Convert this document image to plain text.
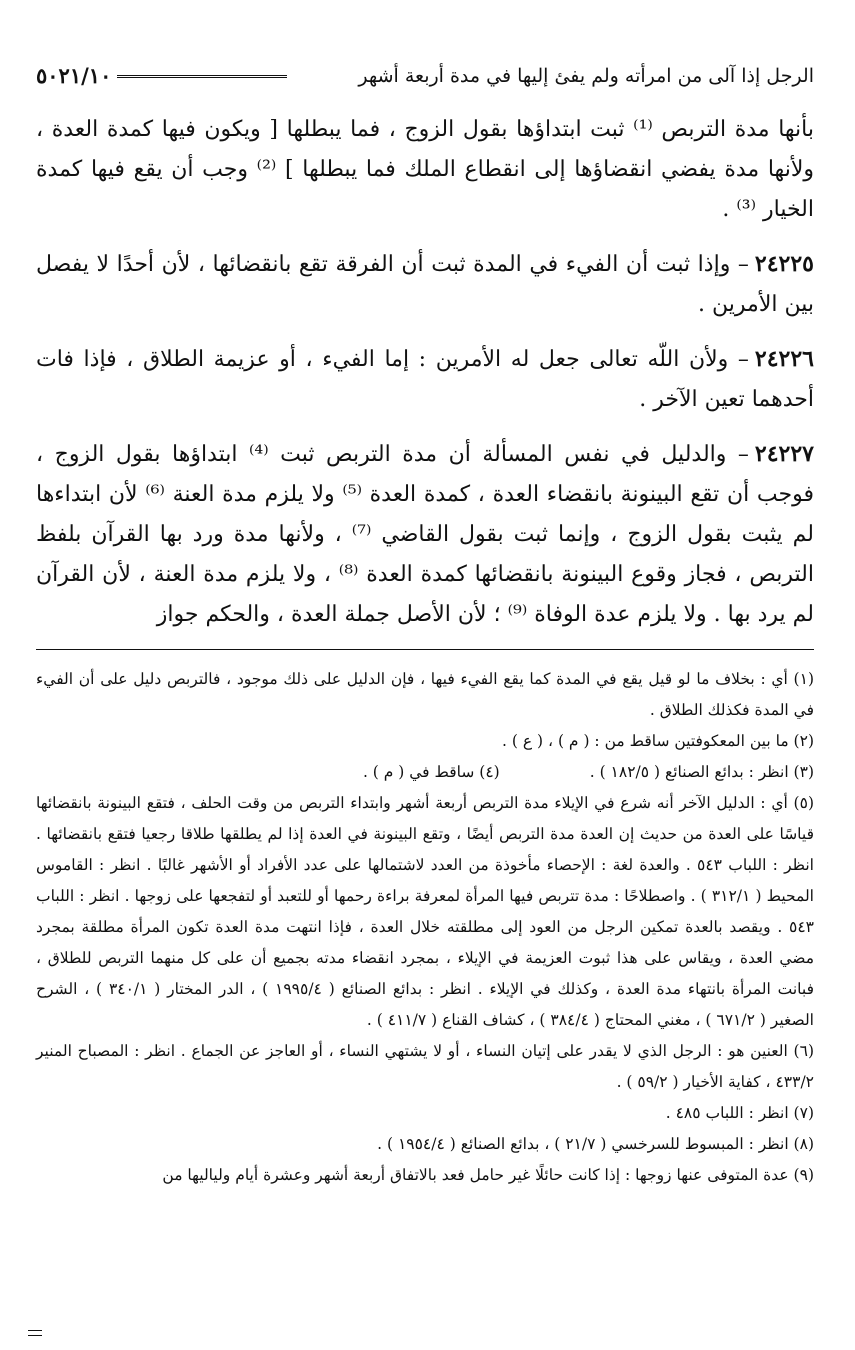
الرجل إذا آلى من امرأته ولم يفئ إليها في مدة أربعة أشهر
٥٠٢١/١٠

بأنها مدة التربص ⁽¹⁾ ثبت ابتداؤها بقول الزوج ، فما يبطلها [ ويكون فيها كمدة العدة ، ولأنها مدة يفضي انقضاؤها إلى انقطاع الملك فما يبطلها ] ⁽²⁾ وجب أن يقع فيها كمدة الخيار ⁽³⁾ .

٢٤٢٢٥– وإذا ثبت أن الفيء في المدة ثبت أن الفرقة تقع بانقضائها ، لأن أحدًا لا يفصل بين الأمرين .

٢٤٢٢٦– ولأن اللّه تعالى جعل له الأمرين : إما الفيء ، أو عزيمة الطلاق ، فإذا فات أحدهما تعين الآخر .

٢٤٢٢٧– والدليل في نفس المسألة أن مدة التربص ثبت ⁽⁴⁾ ابتداؤها بقول الزوج ، فوجب أن تقع البينونة بانقضاء العدة ، كمدة العدة ⁽⁵⁾ ولا يلزم مدة العنة ⁽⁶⁾ لأن ابتداءها لم يثبت بقول الزوج ، وإنما ثبت بقول القاضي ⁽⁷⁾ ، ولأنها مدة ورد بها القرآن بلفظ التربص ، فجاز وقوع البينونة بانقضائها كمدة العدة ⁽⁸⁾ ، ولا يلزم مدة العنة ، لأن القرآن لم يرد بها . ولا يلزم عدة الوفاة ⁽⁹⁾ ؛ لأن الأصل جملة العدة ، والحكم جواز

(١) أي : بخلاف ما لو قيل يقع في المدة كما يقع الفيء فيها ، فإن الدليل على ذلك موجود ، فالتربص دليل على أن الفيء في المدة فكذلك الطلاق .

(٢) ما بين المعكوفتين ساقط من : ( م ) ، ( ع ) .

(٣) انظر : بدائع الصنائع ( ١٨٢/٥ ) .

(٤) ساقط في ( م ) .

(٥) أي : الدليل الآخر أنه شرع في الإيلاء مدة التربص أربعة أشهر وابتداء التربص من وقت الحلف ، فتقع البينونة بانقضائها قياسًا على العدة من حديث إن العدة مدة التربص أيضًا ، وتقع البينونة في العدة إذا لم يطلقها طلاقا رجعيا فتقع بانقضائها . انظر : اللباب ٥٤٣ . والعدة لغة : الإحصاء مأخوذة من العدد لاشتمالها على عدد الأفراد أو الأشهر غالبًا . انظر : القاموس المحيط ( ٣١٢/١ ) . واصطلاحًا : مدة تتربص فيها المرأة لمعرفة براءة رحمها أو للتعبد أو لتفجعها على زوجها . انظر : اللباب ٥٤٣ . ويقصد بالعدة تمكين الرجل من العود إلى مطلقته خلال العدة ، فإذا انتهت مدة العدة تكون المرأة مطلقة بمجرد مضي العدة ، ويقاس على هذا ثبوت العزيمة في الإيلاء ، بمجرد انقضاء مدته بجميع أن على كل منهما التربص للطلاق ، فبانت المرأة بانتهاء مدة العدة ، وكذلك في الإيلاء . انظر : بدائع الصنائع ( ١٩٩٥/٤ ) ، الدر المختار ( ٣٤٠/١ ) ، الشرح الصغير ( ٦٧١/٢ ) ، مغني المحتاج ( ٣٨٤/٤ ) ، كشاف القناع ( ٤١١/٧ ) .

(٦) العنين هو : الرجل الذي لا يقدر على إتيان النساء ، أو لا يشتهي النساء ، أو العاجز عن الجماع . انظر : المصباح المنير ٤٣٣/٢ ، كفاية الأخيار ( ٥٩/٢ ) .

(٧) انظر : اللباب ٤٨٥ .

(٨) انظر : المبسوط للسرخسي ( ٢١/٧ ) ، بدائع الصنائع ( ١٩٥٤/٤ ) .

(٩) عدة المتوفى عنها زوجها : إذا كانت حائلًا غير حامل فعد بالاتفاق أربعة أشهر وعشرة أيام ولياليها من
